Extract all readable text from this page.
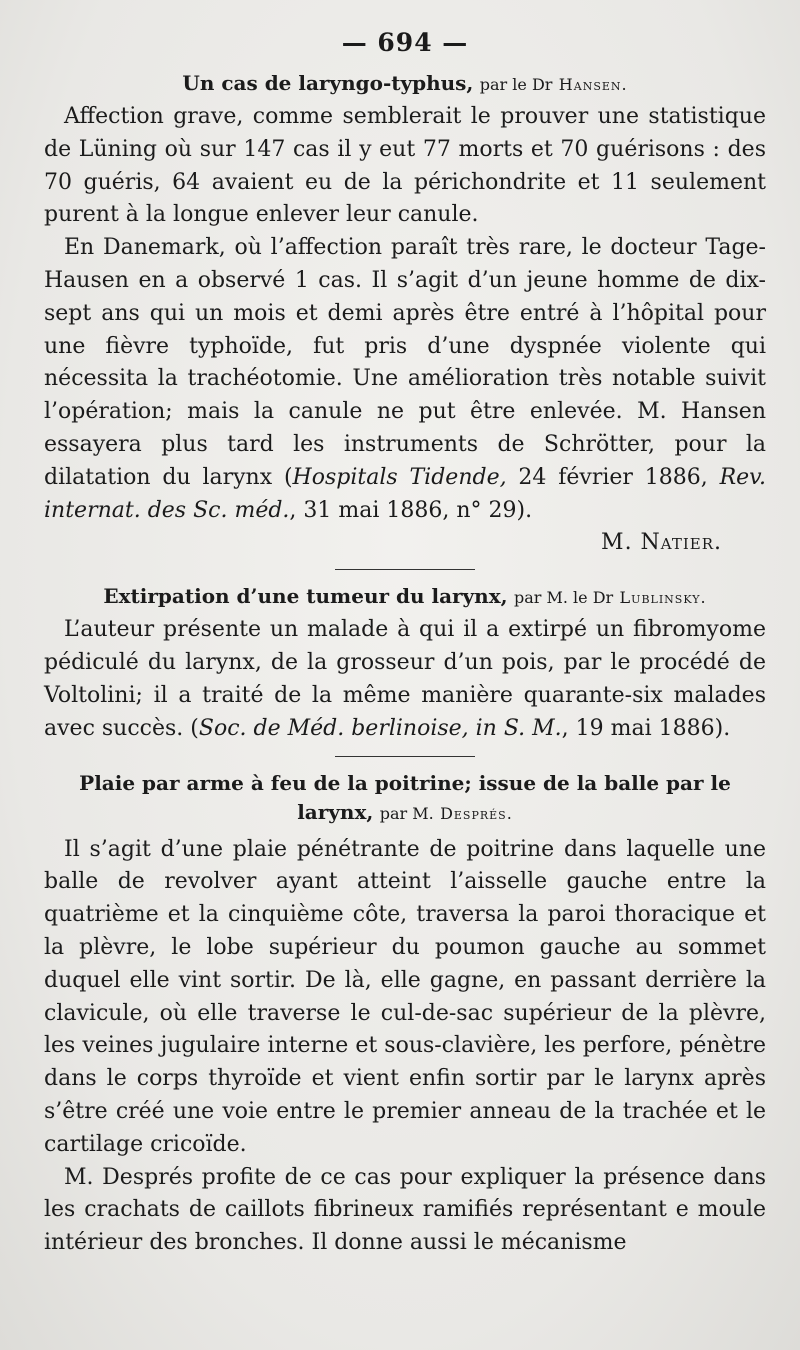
— 694 —
Un cas de laryngo-typhus, par le Dr Hansen.

Affection grave, comme semblerait le prouver une statistique de Lüning où sur 147 cas il y eut 77 morts et 70 guérisons : des 70 guéris, 64 avaient eu de la périchondrite et 11 seulement purent à la longue enlever leur canule.

En Danemark, où l’affection paraît très rare, le docteur Tage-Hausen en a observé 1 cas. Il s’agit d’un jeune homme de dix-sept ans qui un mois et demi après être entré à l’hôpital pour une fièvre typhoïde, fut pris d’une dyspnée violente qui nécessita la trachéotomie. Une amélioration très notable suivit l’opération; mais la canule ne put être enlevée. M. Hansen essayera plus tard les instruments de Schrötter, pour la dilatation du larynx (Hospitals Tidende, 24 février 1886, Rev. internat. des Sc. méd., 31 mai 1886, n° 29).

M. Natier.

Extirpation d’une tumeur du larynx, par M. le Dr Lublinsky.

L’auteur présente un malade à qui il a extirpé un fibromyome pédiculé du larynx, de la grosseur d’un pois, par le procédé de Voltolini; il a traité de la même manière quarante-six malades avec succès. (Soc. de Méd. berlinoise, in S. M., 19 mai 1886).

Plaie par arme à feu de la poitrine; issue de la balle par le larynx, par M. Després.

Il s’agit d’une plaie pénétrante de poitrine dans laquelle une balle de revolver ayant atteint l’aisselle gauche entre la quatrième et la cinquième côte, traversa la paroi thoracique et la plèvre, le lobe supérieur du poumon gauche au sommet duquel elle vint sortir. De là, elle gagne, en passant derrière la clavicule, où elle traverse le cul-de-sac supérieur de la plèvre, les veines jugulaire interne et sous-clavière, les perfore, pénètre dans le corps thyroïde et vient enfin sortir par le larynx après s’être créé une voie entre le premier anneau de la trachée et le cartilage cricoïde.

M. Després profite de ce cas pour expliquer la présence dans les crachats de caillots fibrineux ramifiés représentant e moule intérieur des bronches. Il donne aussi le mécanisme
